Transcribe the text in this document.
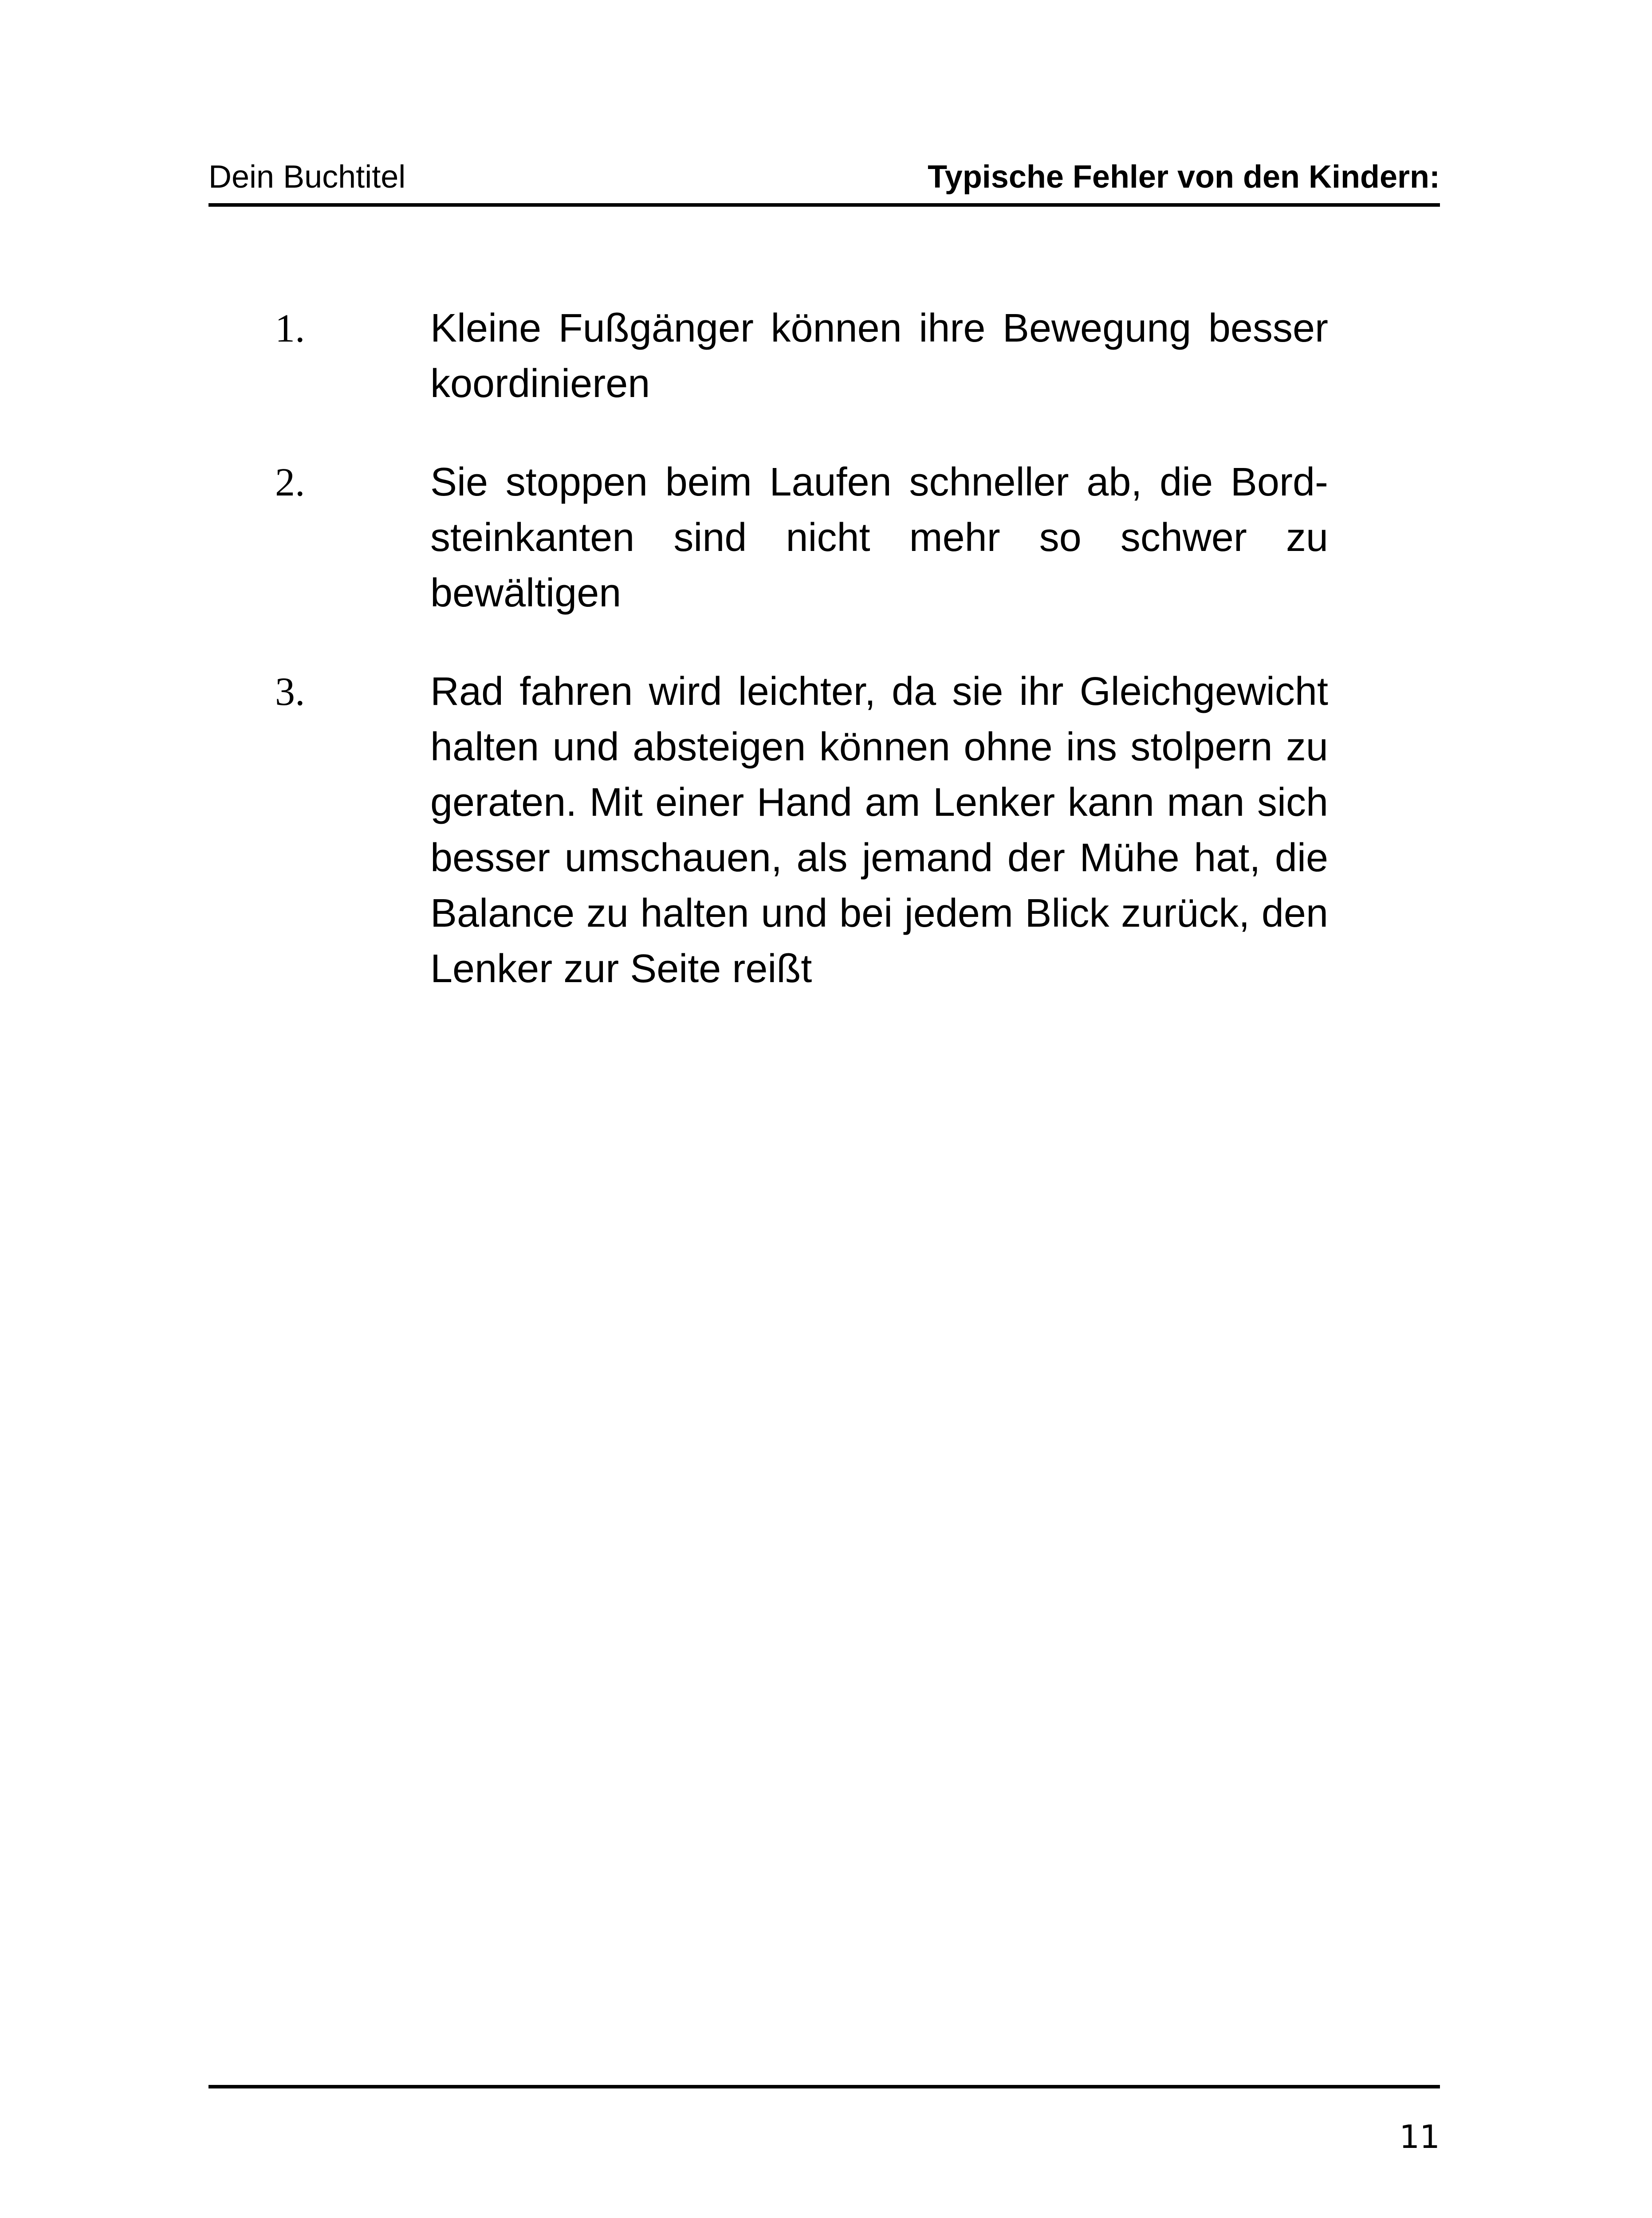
Dein Buchtitel	Typische Fehler von den Kindern:
1.	Kleine Fußgänger können ihre Bewegung besser koordinieren
2.	Sie stoppen beim Laufen schneller ab, die Bordsteinkanten sind nicht mehr so schwer zu bewältigen
3.	Rad fahren wird leichter, da sie ihr Gleichgewicht halten und absteigen können ohne ins stolpern zu geraten. Mit einer Hand am Lenker kann man sich besser umschauen, als jemand der Mühe hat, die Balance zu halten und bei jedem Blick zurück, den Lenker zur Seite reißt
11
